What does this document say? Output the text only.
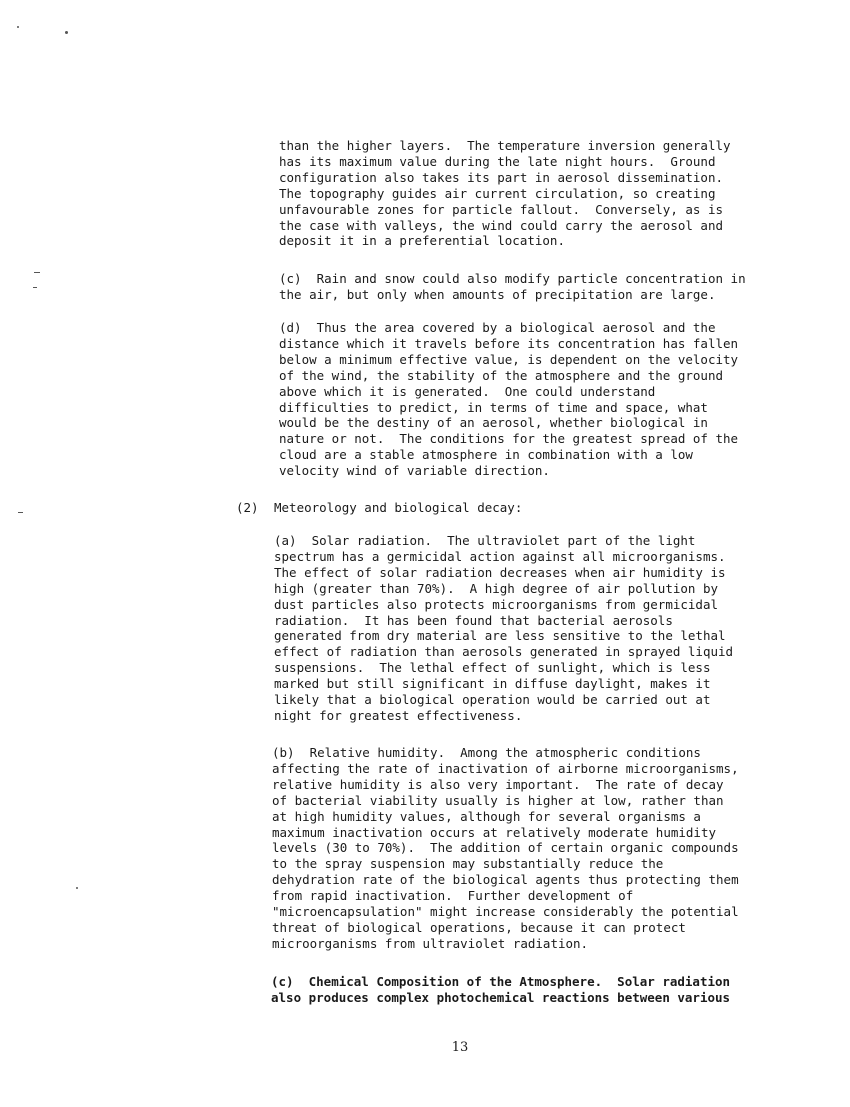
than the higher layers.  The temperature inversion generally
has its maximum value during the late night hours.  Ground
configuration also takes its part in aerosol dissemination.
The topography guides air current circulation, so creating
unfavourable zones for particle fallout.  Conversely, as is
the case with valleys, the wind could carry the aerosol and
deposit it in a preferential location.

(c)  Rain and snow could also modify particle concentration in
the air, but only when amounts of precipitation are large.

(d)  Thus the area covered by a biological aerosol and the
distance which it travels before its concentration has fallen
below a minimum effective value, is dependent on the velocity
of the wind, the stability of the atmosphere and the ground
above which it is generated.  One could understand
difficulties to predict, in terms of time and space, what
would be the destiny of an aerosol, whether biological in
nature or not.  The conditions for the greatest spread of the
cloud are a stable atmosphere in combination with a low
velocity wind of variable direction.

(2) Meteorology and biological decay:

(a)  Solar radiation.  The ultraviolet part of the light
spectrum has a germicidal action against all microorganisms.
The effect of solar radiation decreases when air humidity is
high (greater than 70%).  A high degree of air pollution by
dust particles also protects microorganisms from germicidal
radiation.  It has been found that bacterial aerosols
generated from dry material are less sensitive to the lethal
effect of radiation than aerosols generated in sprayed liquid
suspensions.  The lethal effect of sunlight, which is less
marked but still significant in diffuse daylight, makes it
likely that a biological operation would be carried out at
night for greatest effectiveness.

(b)  Relative humidity.  Among the atmospheric conditions
affecting the rate of inactivation of airborne microorganisms,
relative humidity is also very important.  The rate of decay
of bacterial viability usually is higher at low, rather than
at high humidity values, although for several organisms a
maximum inactivation occurs at relatively moderate humidity
levels (30 to 70%).  The addition of certain organic compounds
to the spray suspension may substantially reduce the
dehydration rate of the biological agents thus protecting them
from rapid inactivation.  Further development of
"microencapsulation" might increase considerably the potential
threat of biological operations, because it can protect
microorganisms from ultraviolet radiation.

(c)  Chemical Composition of the Atmosphere.  Solar radiation
also produces complex photochemical reactions between various

13
